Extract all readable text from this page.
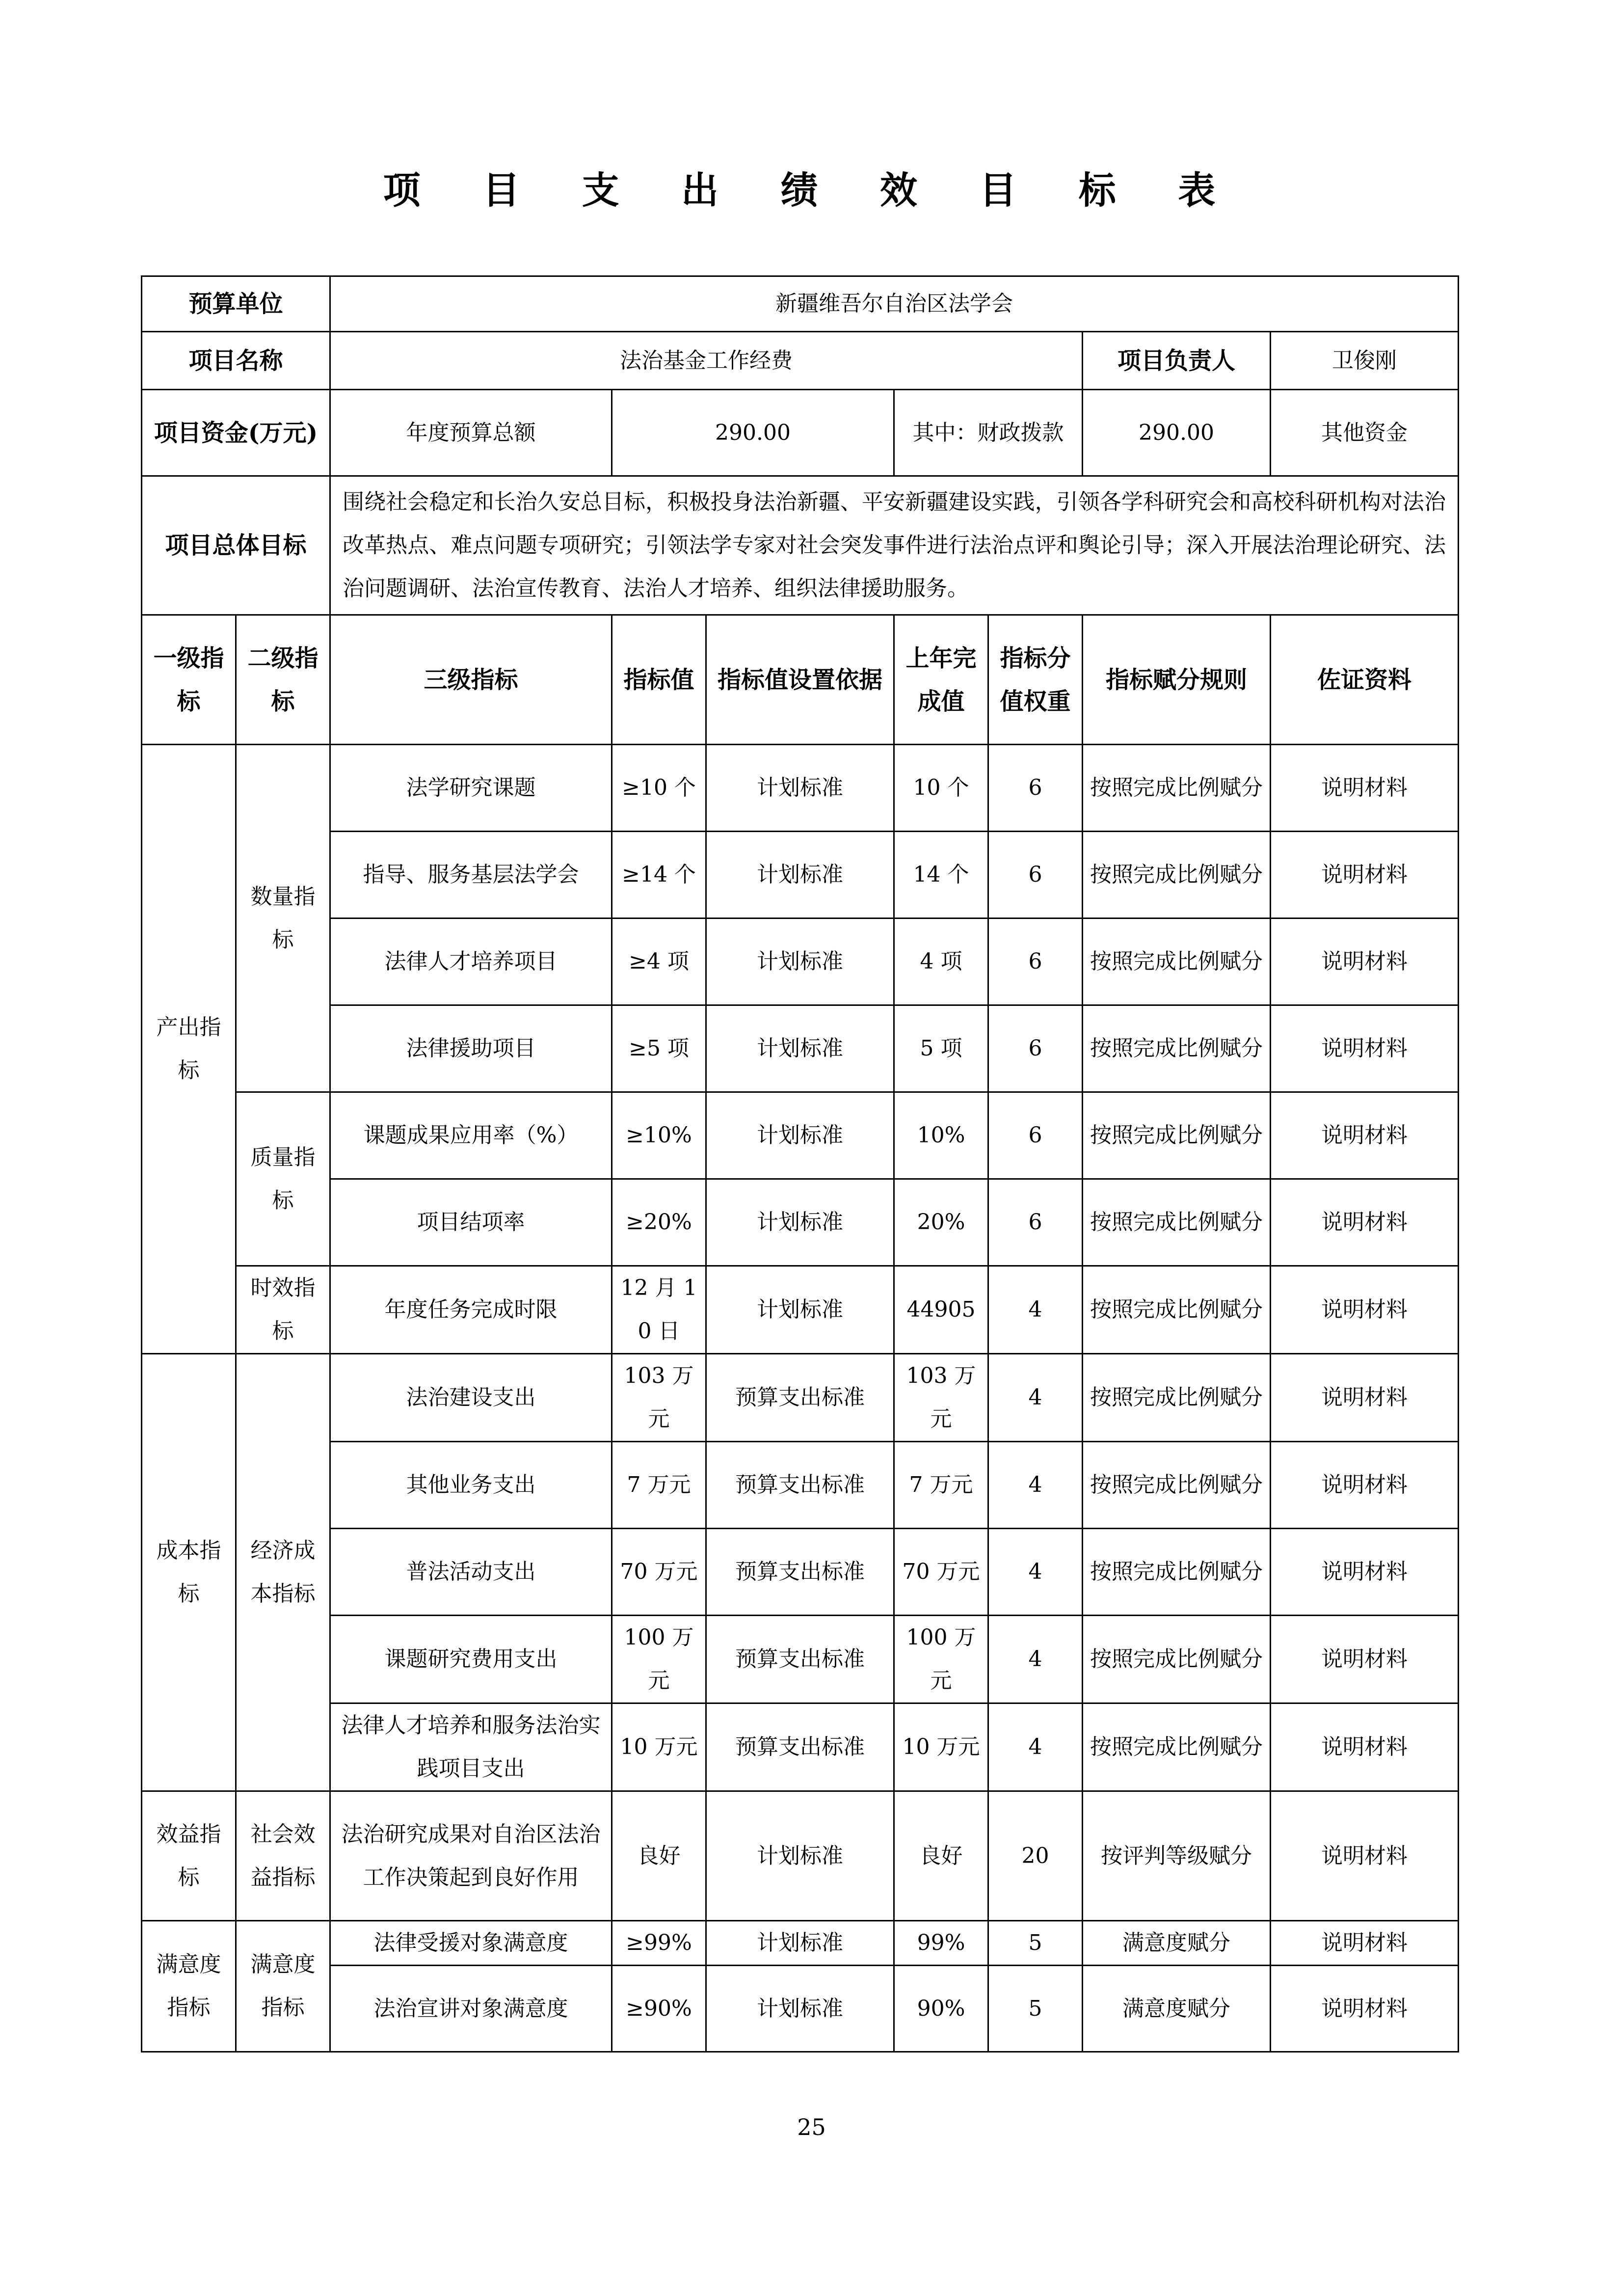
项 目 支 出 绩 效 目 标 表
预算单位		新疆维吾尔自治区法学会						
项目名称		法治基金工作经费					项目负责人	卫俊刚
项目资金(万元)		年度预算总额	290.00		其中：财政拨款		290.00	其他资金
项目总体目标		围绕社会稳定和长治久安总目标，积极投身法治新疆、平安新疆建设实践，引领各学科研究会和高校科研机构对法治改革热点、难点问题专项研究；引领法学专家对社会突发事件进行法治点评和舆论引导；深入开展法治理论研究、法治问题调研、法治宣传教育、法治人才培养、组织法律援助服务。						
一级指标	二级指标	三级指标	指标值	指标值设置依据	上年完成值	指标分值权重	指标赋分规则	佐证资料
产出指标	数量指标	法学研究课题	≥10 个	计划标准	10 个	6	按照完成比例赋分	说明材料
		指导、服务基层法学会	≥14 个	计划标准	14 个	6	按照完成比例赋分	说明材料
		法律人才培养项目	≥4 项	计划标准	4 项	6	按照完成比例赋分	说明材料
		法律援助项目	≥5 项	计划标准	5 项	6	按照完成比例赋分	说明材料
	质量指标	课题成果应用率（%）	≥10%	计划标准	10%	6	按照完成比例赋分	说明材料
		项目结项率	≥20%	计划标准	20%	6	按照完成比例赋分	说明材料
	时效指标	年度任务完成时限	12 月 10 日	计划标准	44905	4	按照完成比例赋分	说明材料
成本指标	经济成本指标	法治建设支出	103 万元	预算支出标准	103 万元	4	按照完成比例赋分	说明材料
		其他业务支出	7 万元	预算支出标准	7 万元	4	按照完成比例赋分	说明材料
		普法活动支出	70 万元	预算支出标准	70 万元	4	按照完成比例赋分	说明材料
		课题研究费用支出	100 万元	预算支出标准	100 万元	4	按照完成比例赋分	说明材料
		法律人才培养和服务法治实践项目支出	10 万元	预算支出标准	10 万元	4	按照完成比例赋分	说明材料
效益指标	社会效益指标	法治研究成果对自治区法治工作决策起到良好作用	良好	计划标准	良好	20	按评判等级赋分	说明材料
满意度指标	满意度指标	法律受援对象满意度	≥99%	计划标准	99%	5	满意度赋分	说明材料
		法治宣讲对象满意度	≥90%	计划标准	90%	5	满意度赋分	说明材料
25
